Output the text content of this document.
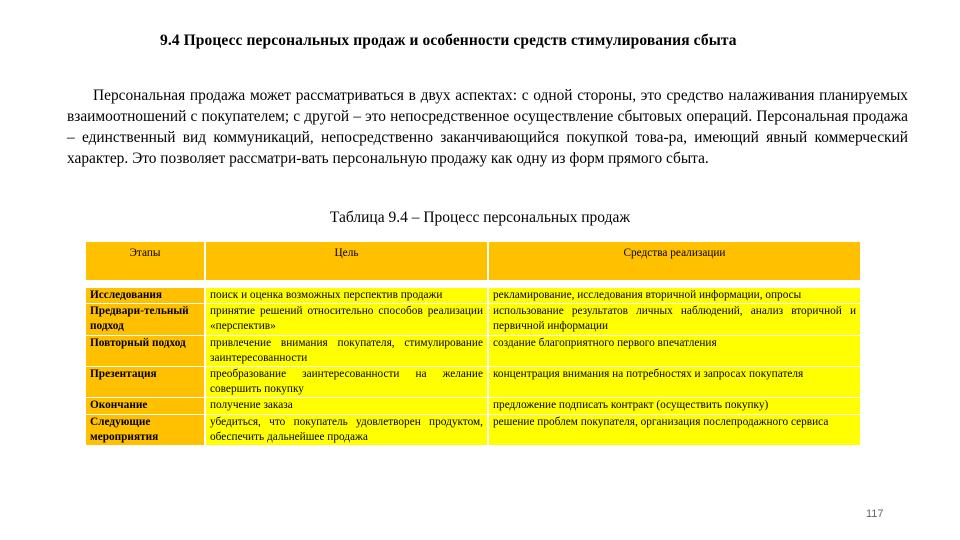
9.4 Процесс персональных продаж и особенности средств стимулирования сбыта

Персональная продажа может рассматриваться в двух аспектах: с одной стороны, это средство налаживания планируемых взаимоотношений с покупателем; с другой – это непосредственное осуществление сбытовых операций. Персональная продажа – единственный вид коммуникаций, непосредственно заканчивающийся покупкой това-ра, имеющий явный коммерческий характер. Это позволяет рассматри-вать персональную продажу как одну из форм прямого сбыта.

Таблица 9.4 – Процесс персональных продаж
Этапы	Цель	Средства реализации
Исследования	поиск и оценка возможных перспектив продажи	рекламирование, исследования вторичной информации, опросы
Предвари-тельный подход	принятие решений относительно способов реализации «перспектив»	использование результатов личных наблюдений, анализ вторичной и первичной информации
Повторный подход	привлечение внимания покупателя, стимулирование заинтересованности	создание благоприятного первого впечатления
Презентация	преобразование заинтересованности на желание совершить покупку	концентрация внимания на потребностях и запросах покупателя
Окончание	получение заказа	предложение подписать контракт (осуществить покупку)
Следующие мероприятия	убедиться, что покупатель удовлетворен продуктом, обеспечить дальнейшее продажа	решение проблем покупателя, организация послепродажного сервиса
117
